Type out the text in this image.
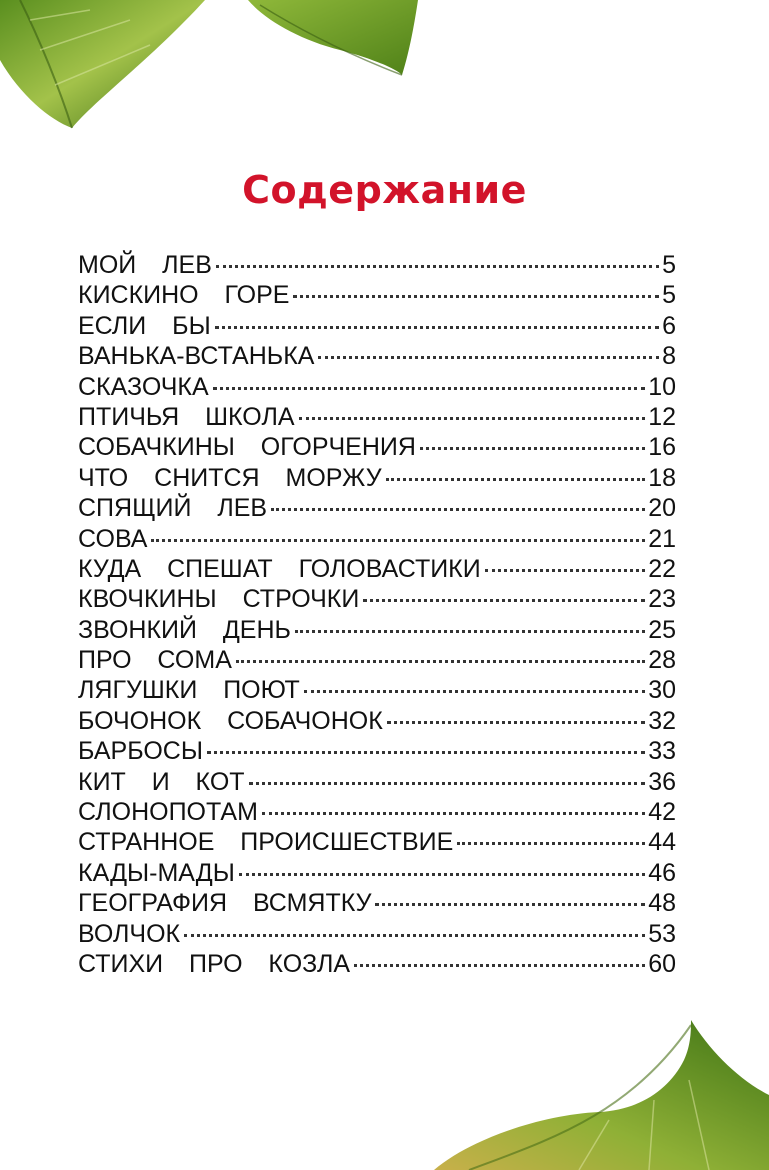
Содержание
МОЙ  ЛЕВ	5
КИСКИНО  ГОРЕ	5
ЕСЛИ  БЫ	6
ВАНЬКА-ВСТАНЬКА	8
СКАЗОЧКА	10
ПТИЧЬЯ  ШКОЛА	12
СОБАЧКИНЫ  ОГОРЧЕНИЯ	16
ЧТО  СНИТСЯ  МОРЖУ	18
СПЯЩИЙ  ЛЕВ	20
СОВА	21
КУДА  СПЕШАТ  ГОЛОВАСТИКИ	22
КВОЧКИНЫ  СТРОЧКИ	23
ЗВОНКИЙ  ДЕНЬ	25
ПРО  СОМА	28
ЛЯГУШКИ  ПОЮТ	30
БОЧОНОК  СОБАЧОНОК	32
БАРБОСЫ	33
КИТ  И  КОТ	36
СЛОНОПОТАМ	42
СТРАННОЕ  ПРОИСШЕСТВИЕ	44
КАДЫ-МАДЫ	46
ГЕОГРАФИЯ  ВСМЯТКУ	48
ВОЛЧОК	53
СТИХИ  ПРО  КОЗЛА	60
